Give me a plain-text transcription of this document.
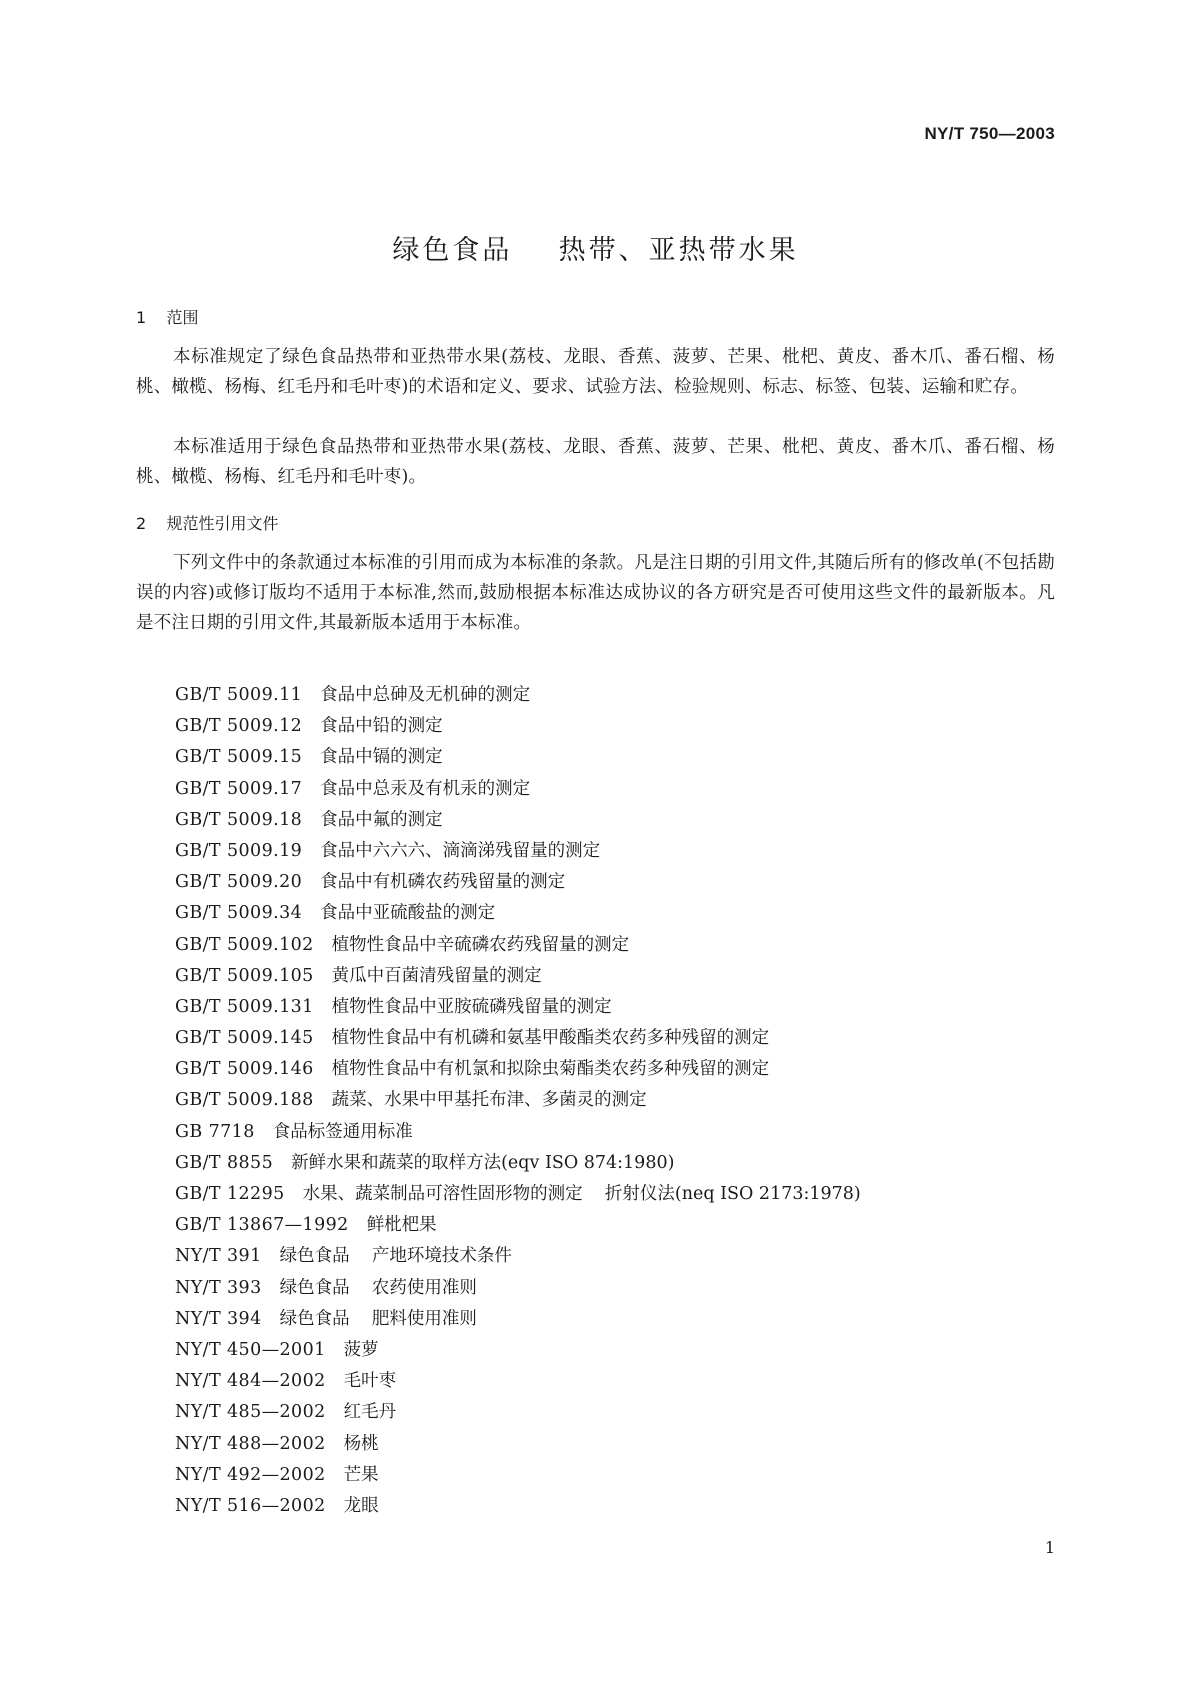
NY/T 750—2003
绿色食品    热带、亚热带水果
1    范围

本标准规定了绿色食品热带和亚热带水果(荔枝、龙眼、香蕉、菠萝、芒果、枇杷、黄皮、番木爪、番石榴、杨桃、橄榄、杨梅、红毛丹和毛叶枣)的术语和定义、要求、试验方法、检验规则、标志、标签、包装、运输和贮存。

本标准适用于绿色食品热带和亚热带水果(荔枝、龙眼、香蕉、菠萝、芒果、枇杷、黄皮、番木爪、番石榴、杨桃、橄榄、杨梅、红毛丹和毛叶枣)。

2    规范性引用文件

下列文件中的条款通过本标准的引用而成为本标准的条款。凡是注日期的引用文件,其随后所有的修改单(不包括勘误的内容)或修订版均不适用于本标准,然而,鼓励根据本标准达成协议的各方研究是否可使用这些文件的最新版本。凡是不注日期的引用文件,其最新版本适用于本标准。

GB/T 5009.11 食品中总砷及无机砷的测定
GB/T 5009.12 食品中铅的测定
GB/T 5009.15 食品中镉的测定
GB/T 5009.17 食品中总汞及有机汞的测定
GB/T 5009.18 食品中氟的测定
GB/T 5009.19 食品中六六六、滴滴涕残留量的测定
GB/T 5009.20 食品中有机磷农药残留量的测定
GB/T 5009.34 食品中亚硫酸盐的测定
GB/T 5009.102 植物性食品中辛硫磷农药残留量的测定
GB/T 5009.105 黄瓜中百菌清残留量的测定
GB/T 5009.131 植物性食品中亚胺硫磷残留量的测定
GB/T 5009.145 植物性食品中有机磷和氨基甲酸酯类农药多种残留的测定
GB/T 5009.146 植物性食品中有机氯和拟除虫菊酯类农药多种残留的测定
GB/T 5009.188 蔬菜、水果中甲基托布津、多菌灵的测定
GB 7718 食品标签通用标准
GB/T 8855 新鲜水果和蔬菜的取样方法(eqv ISO 874:1980)
GB/T 12295 水果、蔬菜制品可溶性固形物的测定    折射仪法(neq ISO 2173:1978)
GB/T 13867—1992 鲜枇杷果
NY/T 391 绿色食品    产地环境技术条件
NY/T 393 绿色食品    农药使用准则
NY/T 394 绿色食品    肥料使用准则
NY/T 450—2001 菠萝
NY/T 484—2002 毛叶枣
NY/T 485—2002 红毛丹
NY/T 488—2002 杨桃
NY/T 492—2002 芒果
NY/T 516—2002 龙眼
1
